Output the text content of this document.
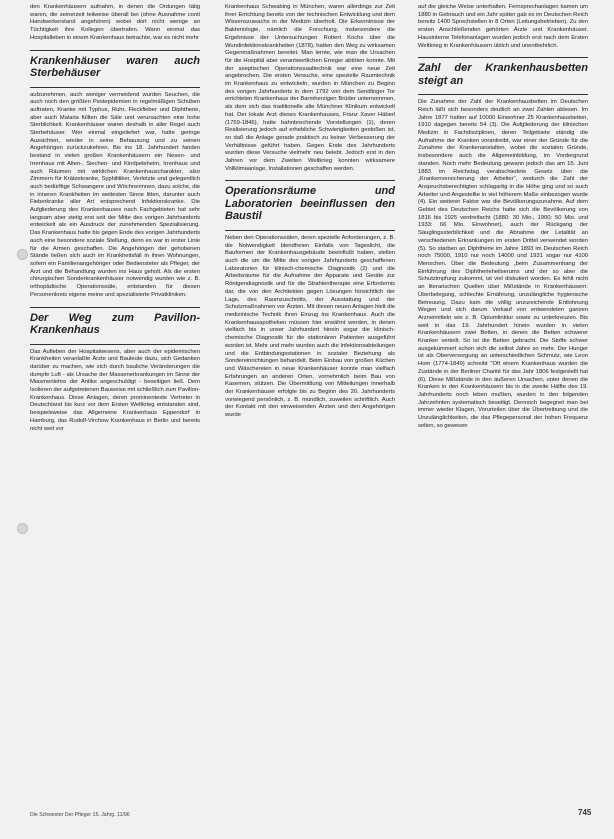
den Krankenhäusern aufnahm, in denen die Ordungen tätig waren, die seinerzeit teilweise überall bei (ohne Ausnahme conti Handwerkerstand angehören) wobei dort nicht wenige an Tüchtigkeit ihre Kollegen übertrafen. Wann einmal das Hospitalleben in einem Krankenhaus betrachte, war es nicht mehr

Krankenhäuser waren auch Sterbehäuser

aufzunehmen, auch weniger vermeidend wurden Seuchen, die auch noch den größten Pestepidemien in regelmäßigen Schüben auftraten, Kranke mit Typhus, Ruhr, Fleckfieber und Diphtherie, aber auch Malaria füllten die Säle und verursachten eine hohe Sterblichkeit. Krankenhäuser waren deshalb in aller Regel auch Sterbehäuser. Wer einmal eingeliefert war, hatte geringe Aussichten, wieder in seine Behausung und zu seinen Angehörigen zurückzukehren. Bis ins 18. Jahrhundert fanden bestand in vielen großen Krankenhäusern ein Nesen- und Irrenhaus mit Alten-, Siechen- und Kindpeleheim, Irrenhaus und auch Räumen mit wirklichen Krankenhauscharakter, also Zimmern für Krätzekranke, Syphilitiker, Verletzte und gelegentlich auch bedürftige Schwangere und Wöchnerinnen, dazu solche, die in inneren Krankheiten im weitesten Sinne litten, darunter auch Fieberkranke aller Art entsprechend Infektionskranke. Die Aufgliederung des Krankenhauses nach Fachgebieten hat sehr langsam aber stetig erst seit der Mitte des vorigen Jahrhunderts entwickelt als ein Ausdruck der zunehmenden Spezialisierung. Das Krankenhaus hatte bis gegen Ende des vorigen Jahrhunderts auch eine besondere soziale Stellung, denn es war in erster Linie für die Armen geschaffen. Die Angehörigen der gehobenen Stände ließen sich auch im Krankheitsfall in ihren Wohnungen, sofern ein Familienangehöriger oder Bediensteter als Pfleger, der Arzt und die Behandlung wurden ins Haus geholt. Als die ersten chirurgischen Sonderkrankenhäuser notwendig wurden wie z. B. orthopädische Operationssäle, entstanden für diesen Personenkreis eigene meine und spezialisierte Privatkliniken.

Der Weg zum Pavillon-Krankenhaus

Das Aufleben der Hospitalwesens, aber auch der epidemischen Krankheiten veranlaßte Ärzte und Bauleute dazu, sich Gedanken darüber zu machen, wie sich durch bauliche Veränderungen die dumpfe Luft - als Ursache der Massenerkrankungen im Sinne der Miasmenlehre der Antike angeschuldigt - beseitigen ließ. Dem Isolieren der aufgetretenen Bauweise mit schließlich zum Pavillon-Krankenhaus. Diese Anlagen, deren prominenteste Vertreter in Deutschland bis kurz vor dem Ersten Weltkrieg entstanden sind, beispielsweise das Allgemeine Krankenhaus Eppendorf in Hamburg, das Rudolf-Virchow Krankenhaus in Berlin und bereits nicht weit vor

Krankenhaus Schwabing in München, waren allerdings zur Zeit ihrer Errichtung bereits von der technischen Entwicklung und dem Wissenszuwachs in der Medizin überholt. Die Erkenntnisse der Bakteriologie, nämlich die Forschung, insbesondere die Ergebnisse der Untersuchungen Robert Kochs über die Wundinfektionskrankheiten (1878), hatten den Weg zu wirksamen Gegenmaßnahmen bereitet. Man lernte, wie man die Ursachen für die Hospitäl aber verantwortlichen Erreger abtöten konnte. Mit der aseptischen Operationssaaltechnik war eine neue Zeit angebrochen. Die ersten Versuche, eine spezielle Raumtechnik im Krankenhaus zu entwickeln, wurden in München zu Beginn des vorigen Jahrhunderts in dem 1792 von dem Sendlinger Tor errichteten Krankenhaus der Barmherzigen Brüder unternommen, als dem sich das traditionelle alte Münchner Klinikum entwickelt hat. Der lokale Arzt dieses Krankenhauses, Franz Xaver Häberl (1759-1846), hatte bahnbrechende Vorstellungen (1), deren Realisierung jedoch auf erhebliche Schwierigkeiten gestoßen ist, so daß die Anlage gerade praktisch zu keiner Verbesserung der Verhältnisse geführt haben. Gegen Ende des Jahrhunderts wurden diese Versuche vielmehr neu belebt. Jedoch erst in den Jahren vor dem Zweiten Weltkrieg konnten wirksamere Vollklimaanlage, Installationen geschaffen werden.

Operationsräume und Laboratorien beeinflussen den Baustil

Neben den Operationssälen, deren spezielle Anforderungen, z. B. die Notwendigkeit blendfreien Einfalls von Tageslicht, die Bauformen der Krankenhausgebäude beeinflußt haben, stellen auch die um die Mitte des vorigen Jahrhunderts geschaffenen Laboratorien für klinisch-chemische Diagnostik (2) und die Arbeitsräume für die Aufnahme der Apparate und Geräte zur Röntgendiagnostik und für die Strahlentherapie eine Erfordernis dar, die von den Architekten gegen Lösungen hinsichtlich der Lage, des Raumzuschnitts, der Ausstattung und der Schutzmaßnahmen vor Ärzten. Mit diesen neuen Anlagen hielt die medizinische Technik ihren Einzug ins Krankenhaus. Auch die Krankenhausapotheken müssen hier erwähnt werden, in denen vielfach bis in unser Jahrhundert hinein sogar die klinisch-chemische Diagnostik für die stationären Patienten ausgeführt worden ist. Mehr und mehr wurden auch die Infektionsabteilungen und die Entbindungsstationen in sozialer Beziehung als Sondereinrichtungen behandelt. Beim Einbau von großen Küchen und Wäschereien in neue Krankenhäuser konnte man vielfach Erfahrungen an anderen Orten, vornehmlich beim Bau von Kasernen, stützen. Die Übermittlung von Mitteilungen innerhalb der Krankenhäuser erfolgte bis zu Beginn des 20. Jahrhunderts vorwiegend persönlich, z. B. mündlich, zuweilen schriftlich. Auch der Kontakt mit den einweisenden Ärzten und den Angehörigen wurde

auf die gleiche Weise unterhalten. Fernsprechanlagen kamen um 1880 in Gebrauch und ein Jahr später gab es im Deutschen Reich bereits 1400 Sprechstellen in 8 Orten (Leitungsbetrieben). Zu den ersten Anschließenden gehörten Ärzte und Krankenhäuser. Hausinterne Telefonanlagen wurden jedoch erst nach dem Ersten Weltkrieg in Krankenhäusern üblich und unentbehrlich.

Zahl der Krankenhausbetten steigt an

Die Zunahme der Zahl der Krankenhausbetten im Deutschen Reich läßt sich besonders deutlich an zwei Zahlen ablesen. Im Jahre 1877 hatten auf 10000 Einwohner 25 Krankenhausbetten, 1910 dagegen bereits 54 (3). Die Aufgliederung der klinischen Medizin in Fachdisziplinen, deren Teilgebiete ständig die Aufnahme der Kranken vorantreibt, war einer der Gründe für die Zunahme der Krankenanstalten, wobei die sozialen Gründe, insbesondere auch die Allgemeinbildung, im Vordergrund standen. Noch mehr Bedeutung gewann jedoch das am 15. Juni 1883 im Reichstag verabschiedete Gesetz über die „Krankenversicherung der Arbeiter“, wodurch die Zahl der Anspruchsberechtigten schlagartig in die Höhe ging und so auch Arbeiter und Angestellte in viel höherem Maße einbezogen wurde (4). Ein weiterer Faktor war die Bevölkerungszunahme. Auf dem Gebiet des Deutschen Reichs hatte sich die Bevölkerung von 1816 bis 1925 verdreifacht (1880: 30 Mio., 1900: 50 Mio. und 1933: 66 Mio. Einwohner), auch der Rückgang der Säuglingssterblichkeit und die Abnahme der Letalität an verschiedenen Erkrankungen im ersten Drittel verwendet worden (5). So starben an Diphtherie im Jahre 1893 im Deutschen Reich noch 75000, 1910 nur noch 14000 und 1931 sogar nur 4100 Menschen. Über die Bedeutung „beim Zusammenhang der Einführung des Diphtherieheilserums und der so aber die Schutzimpfung zukommt, ist viel diskutiert worden. Es fehlt nicht an literarischen Quellen über Mißstände in Krankenhäusern: Überbelegung, schlechte Ernährung, unzulängliche hygienische Betreuung. Dazu kam die völlig unzureichende Entlohnung Wegen und sich darum Verkauf von entwendeten ganzen Arzneimitteln wie z. B. Opiumtinktur sowie zu unterkreuzen. Bis weit in das 19. Jahrhundert hinein wurden in vielen Krankenhäusern zwei Betten, in denen die Betten schwerer Kranker verteilt. So ist die Betten gebracht. Die Stoffe schwer ausgekümmert schon sich die selbst Jahre so mehr. Der Hunger ist als Oberversorgung an unterschiedlichen Schmutz, wie Leon Hom (1774-1849) schreibt "Oft einem Krankenhaus wurden die Zustände in der Berliner Charité für das Jahr 1806 festgestellt hat (6). Diese Mißstände in den äußeren Ursachen, unter denen die Kranken in den Krankenhäusern bis in die zweite Hälfte des 19. Jahrhunderts noch leben mußten, wurden in den folgenden Jahrzehnten systematisch beseitigt. Dennoch begegnet man bei immer wieder Klagen, Vorurteilen über die Übertreibung und die Unzulänglichkeiten, die das Pflegepersonal der hohen Frequenz selten, so gewesen

Die Schwester Der Pfleger 15. Jahrg. 11/96	745
